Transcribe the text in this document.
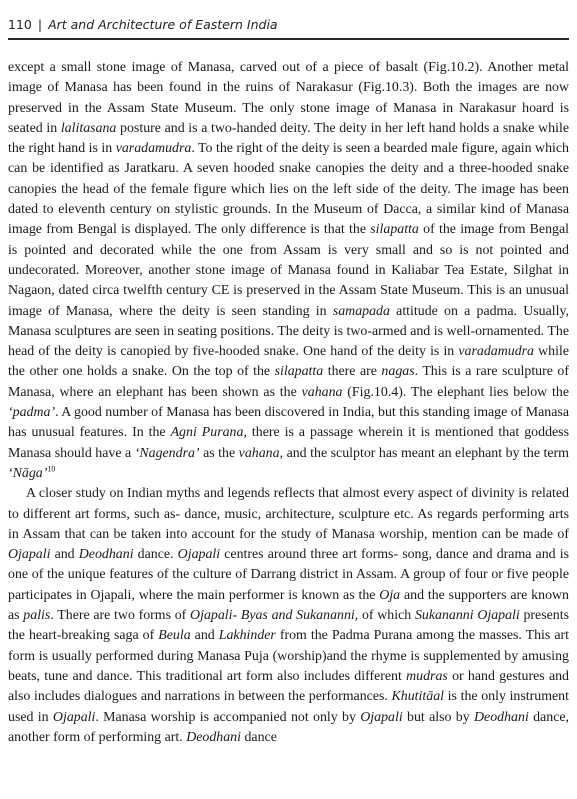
110 | Art and Architecture of Eastern India

except a small stone image of Manasa, carved out of a piece of basalt (Fig.10.2). Another metal image of Manasa has been found in the ruins of Narakasur (Fig.10.3). Both the images are now preserved in the Assam State Museum. The only stone image of Manasa in Narakasur hoard is seated in lalitasana posture and is a two-handed deity. The deity in her left hand holds a snake while the right hand is in varadamudra. To the right of the deity is seen a bearded male figure, again which can be identified as Jaratkaru. A seven hooded snake canopies the deity and a three-hooded snake canopies the head of the female figure which lies on the left side of the deity. The image has been dated to eleventh century on stylistic grounds. In the Museum of Dacca, a similar kind of Manasa image from Bengal is displayed. The only difference is that the silapatta of the image from Bengal is pointed and decorated while the one from Assam is very small and so is not pointed and undecorated. Moreover, another stone image of Manasa found in Kaliabar Tea Estate, Silghat in Nagaon, dated circa twelfth century CE is preserved in the Assam State Museum. This is an unusual image of Manasa, where the deity is seen standing in samapada attitude on a padma. Usually, Manasa sculptures are seen in seating positions. The deity is two-armed and is well-ornamented. The head of the deity is canopied by five-hooded snake. One hand of the deity is in varadamudra while the other one holds a snake. On the top of the silapatta there are nagas. This is a rare sculpture of Manasa, where an elephant has been shown as the vahana (Fig.10.4). The elephant lies below the ‘padma’. A good number of Manasa has been discovered in India, but this standing image of Manasa has unusual features. In the Agni Purana, there is a passage wherein it is mentioned that goddess Manasa should have a ‘Nagendra’ as the vahana, and the sculptor has meant an elephant by the term ‘Nāga’$^{10}$

A closer study on Indian myths and legends reflects that almost every aspect of divinity is related to different art forms, such as- dance, music, architecture, sculpture etc. As regards performing arts in Assam that can be taken into account for the study of Manasa worship, mention can be made of Ojapali and Deodhani dance. Ojapali centres around three art forms- song, dance and drama and is one of the unique features of the culture of Darrang district in Assam. A group of four or five people participates in Ojapali, where the main performer is known as the Oja and the supporters are known as palis. There are two forms of Ojapali- Byas and Sukananni, of which Sukananni Ojapali presents the heart-breaking saga of Beula and Lakhinder from the Padma Purana among the masses. This art form is usually performed during Manasa Puja (worship)and the rhyme is supplemented by amusing beats, tune and dance. This traditional art form also includes different mudras or hand gestures and also includes dialogues and narrations in between the performances. Khutitāal is the only instrument used in Ojapali. Manasa worship is accompanied not only by Ojapali but also by Deodhani dance, another form of performing art. Deodhani dance
